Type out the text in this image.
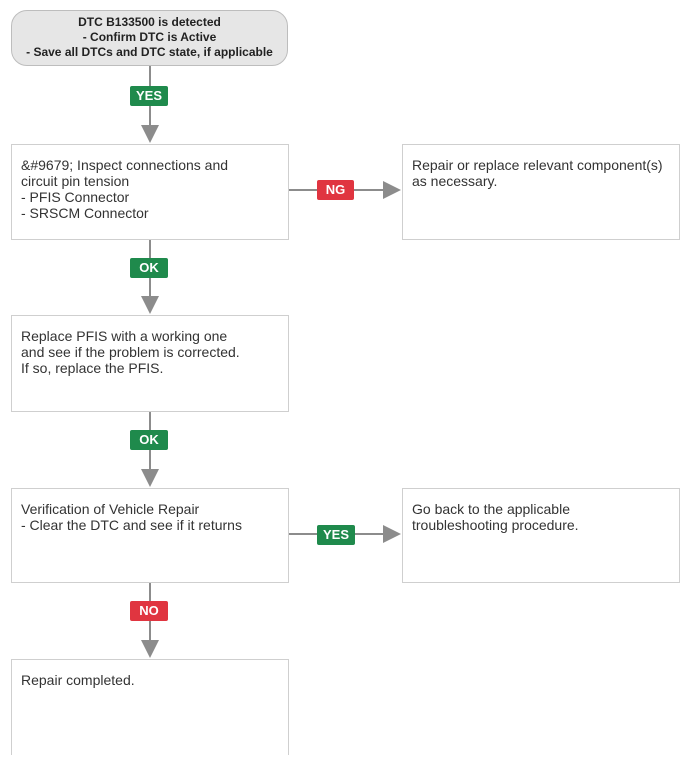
DTC B133500 is detected
- Confirm DTC is Active
- Save all DTCs and DTC state, if applicable
YES
&#9679; Inspect connections and
circuit pin tension
- PFIS Connector
- SRSCM Connector
NG
Repair or replace relevant component(s)
as necessary.
OK
Replace PFIS with a working one
and see if the problem is corrected.
If so, replace the PFIS.
OK
Verification of Vehicle Repair
- Clear the DTC and see if it returns
YES
Go back to the applicable
troubleshooting procedure.
NO
Repair completed.
